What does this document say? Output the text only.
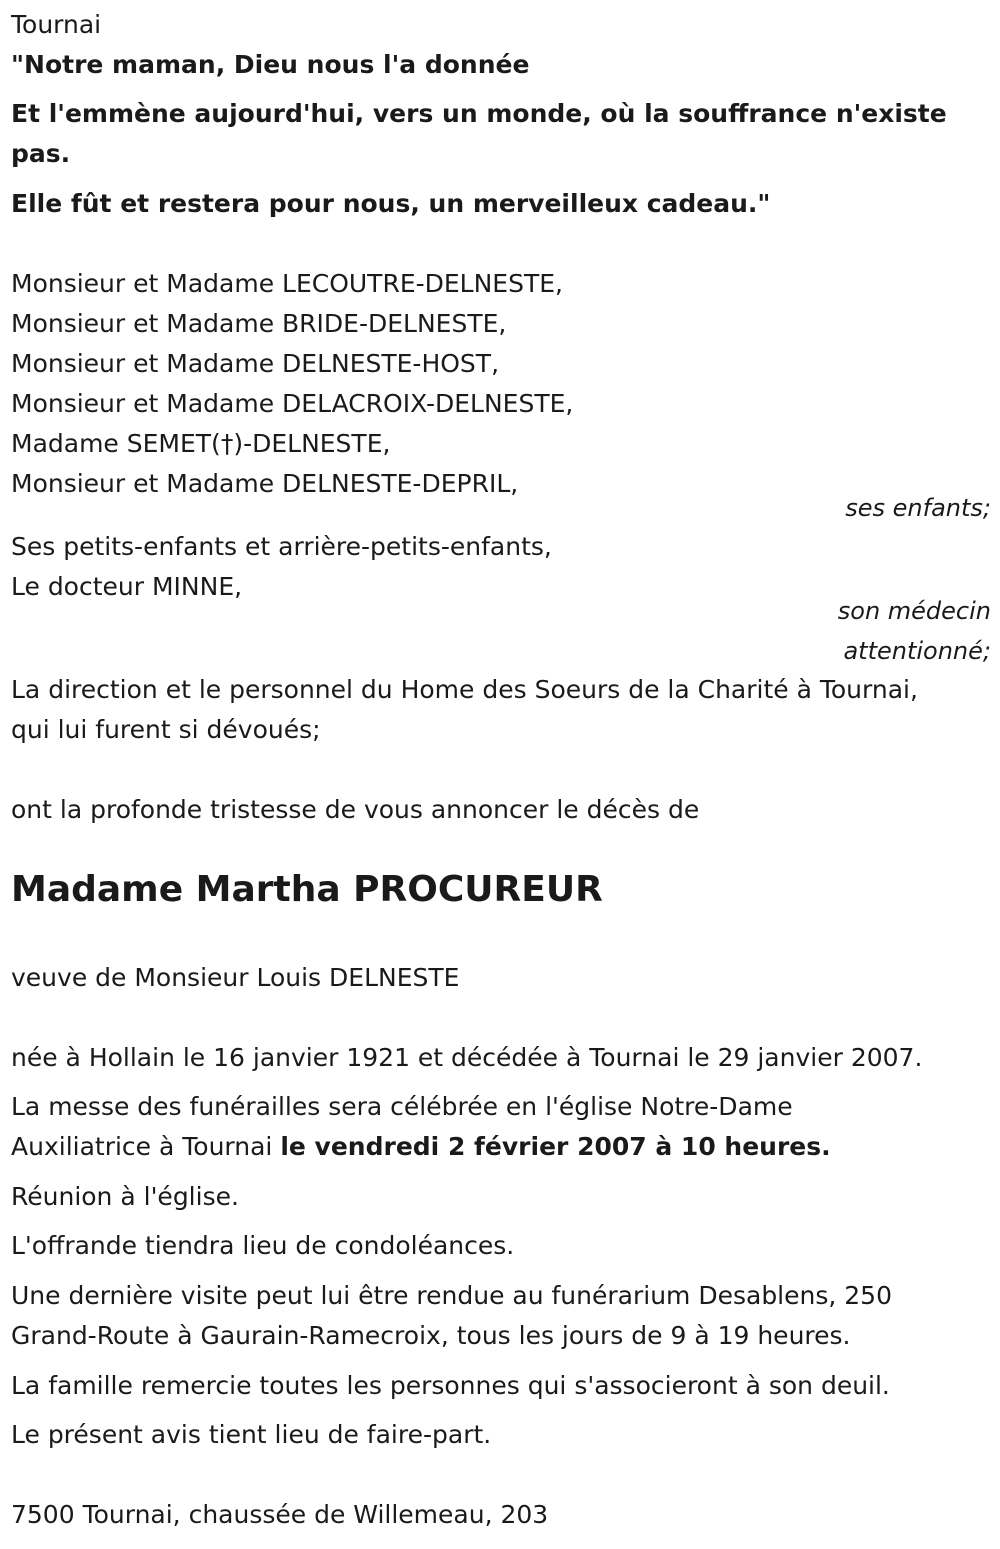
Tournai
"Notre maman, Dieu nous l'a donnée
Et l'emmène aujourd'hui, vers un monde, où la souffrance n'existe
pas.
Elle fût et restera pour nous, un merveilleux cadeau."
Monsieur et Madame LECOUTRE-DELNESTE,
Monsieur et Madame BRIDE-DELNESTE,
Monsieur et Madame DELNESTE-HOST,
Monsieur et Madame DELACROIX-DELNESTE,
Madame SEMET(†)-DELNESTE,
Monsieur et Madame DELNESTE-DEPRIL,
ses enfants;
Ses petits-enfants et arrière-petits-enfants,
Le docteur MINNE,
son médecin
attentionné;
La direction et le personnel du Home des Soeurs de la Charité à Tournai,
qui lui furent si dévoués;
ont la profonde tristesse de vous annoncer le décès de
Madame Martha PROCUREUR
veuve de Monsieur Louis DELNESTE
née à Hollain le 16 janvier 1921 et décédée à Tournai le 29 janvier 2007.
La messe des funérailles sera célébrée en l'église Notre-Dame
Auxiliatrice à Tournai le vendredi 2 février 2007 à 10 heures.
Réunion à l'église.
L'offrande tiendra lieu de condoléances.
Une dernière visite peut lui être rendue au funérarium Desablens, 250
Grand-Route à Gaurain-Ramecroix, tous les jours de 9 à 19 heures.
La famille remercie toutes les personnes qui s'associeront à son deuil.
Le présent avis tient lieu de faire-part.
7500 Tournai, chaussée de Willemeau, 203
